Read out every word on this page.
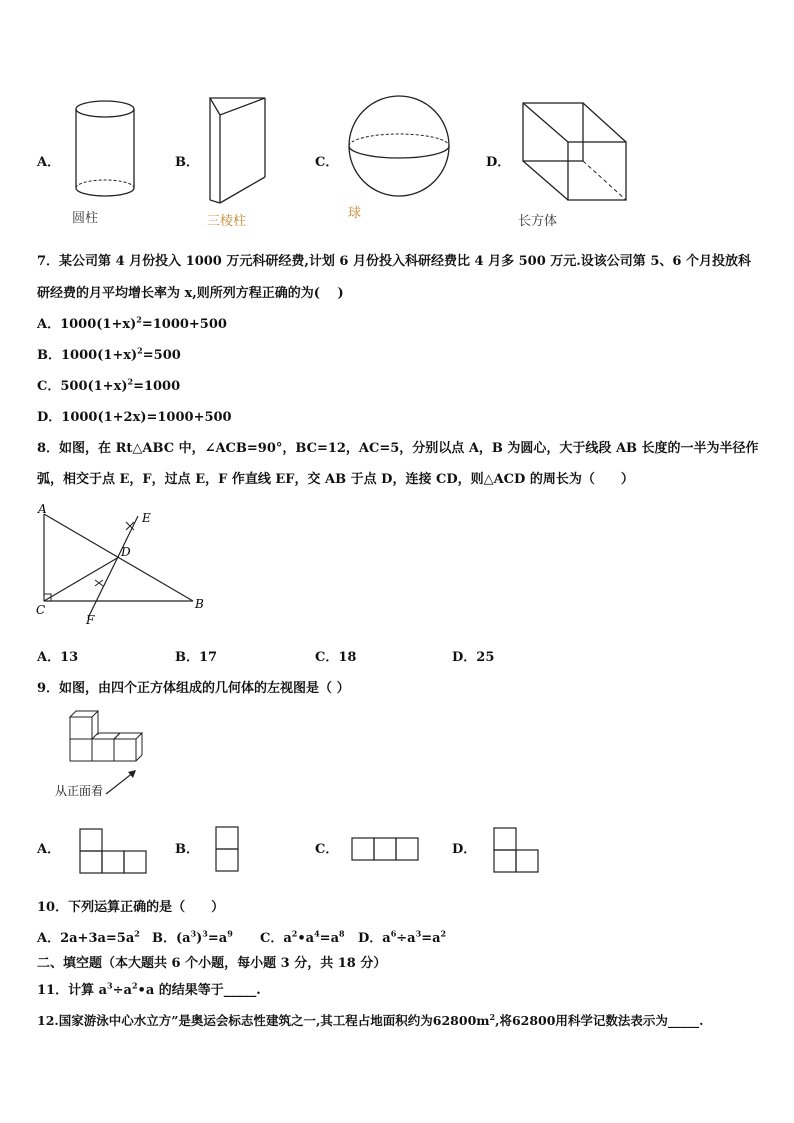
A．
圆柱
B．
三棱柱
C．
球
D．
长方体
7．某公司第 4 月份投入 1000 万元科研经费,计划 6 月份投入科研经费比 4 月多 500 万元.设该公司第 5、6 个月投放科
研经费的月平均增长率为 x,则所列方程正确的为(　 )
A．$1000(1+x)^2=1000+500$
B．$1000(1+x)^2=500$
C．$500(1+x)^2=1000$
D．1000(1+2x)=1000+500
8．如图，在 Rt△ABC 中，∠ACB=90°，BC=12，AC=5，分别以点 A，B 为圆心，大于线段 AB 长度的一半为半径作
弧，相交于点 E，F，过点 E，F 作直线 EF，交 AB 于点 D，连接 CD，则△ACD 的周长为（　　）
A
C	B
D
E
F
A．13	B．17	C．18	D．25
9．如图，由四个正方体组成的几何体的左视图是（ ）
从正面看
A．	B．	C．	D．
10．下列运算正确的是（　　）
A．$2a+3a=5a^2$ B．$(a^3)^3=a^9$ C．$a^2•a^4=a^8$ D．$a^6\div a^3=a^2$
二、填空题（本大题共 6 个小题，每小题 3 分，共 18 分）
11．计算 $a^3\div a^2•a$ 的结果等于_____.
12.国家游泳中心水立方”是奥运会标志性建筑之一,其工程占地面积约为$62800m^2$,将62800用科学记数法表示为_____.
